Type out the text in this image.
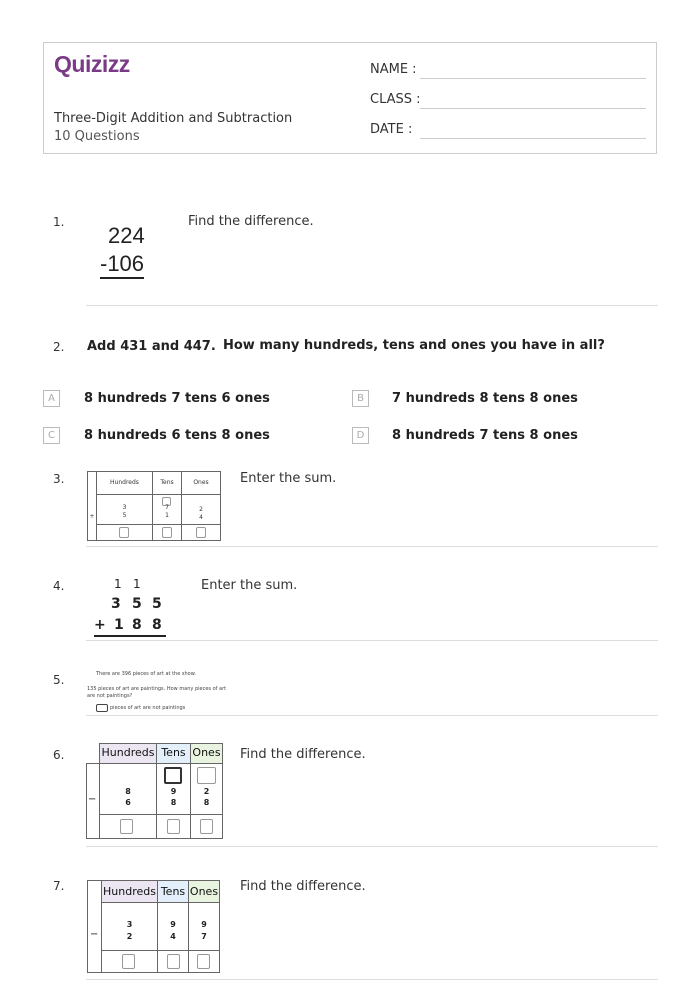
Quizizz
Three-Digit Addition and Subtraction
10 Questions
NAME :
CLASS :
DATE :
1.
224
-106
Find the difference.
2. Add 431 and 447. How many hundreds, tens and ones you have in all?
A	8 hundreds 7 tens 6 ones	B	7 hundreds 8 tens 8 ones
C	8 hundreds 6 tens 8 ones	D	8 hundreds 7 tens 8 ones
3.	Hundreds	Tens	Ones
3	7	2
+	5	1	4
Enter the sum.
4.	1 1
3 5 5
+ 1 8 8
Enter the sum.
5.	There are 396 pieces of art at the show.
135 pieces of art are paintings. How many pieces of art are not paintings?
pieces of art are not paintings
6.	Hundreds Tens Ones
8	9	2
−	6	8	8
Find the difference.
7.	Hundreds Tens Ones
3	9	9
−	2	4	7
Find the difference.
